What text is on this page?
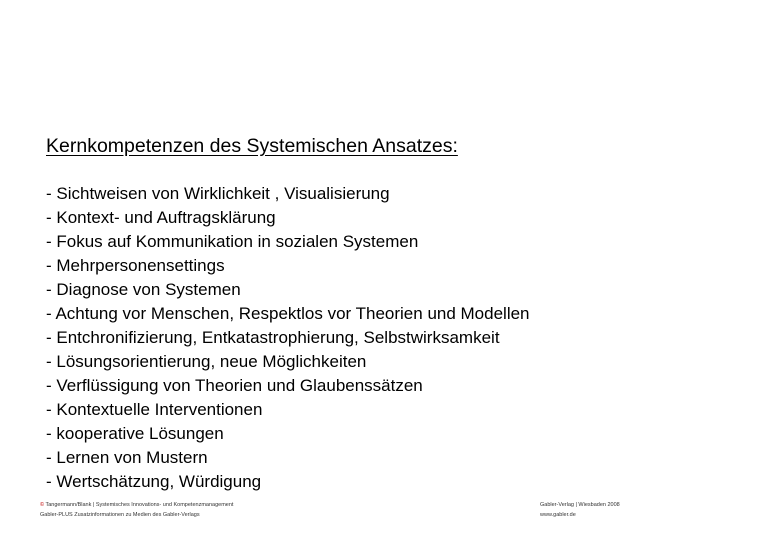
Kernkompetenzen des Systemischen Ansatzes:
- Sichtweisen von Wirklichkeit , Visualisierung
- Kontext- und Auftragsklärung
- Fokus auf Kommunikation in sozialen Systemen
- Mehrpersonensettings
- Diagnose von Systemen
- Achtung vor Menschen, Respektlos vor Theorien und Modellen
- Entchronifizierung, Entkatastrophierung, Selbstwirksamkeit
- Lösungsorientierung, neue Möglichkeiten
- Verflüssigung von Theorien und Glaubenssätzen
- Kontextuelle Interventionen
- kooperative Lösungen
- Lernen von Mustern
- Wertschätzung, Würdigung
© Tangermann/Blank | Systemisches Innovations- und Kompetenzmanagement
Gabler-PLUS Zusatzinformationen zu Medien des Gabler-Verlags
Gabler-Verlag | Wiesbaden 2008
www.gabler.de
